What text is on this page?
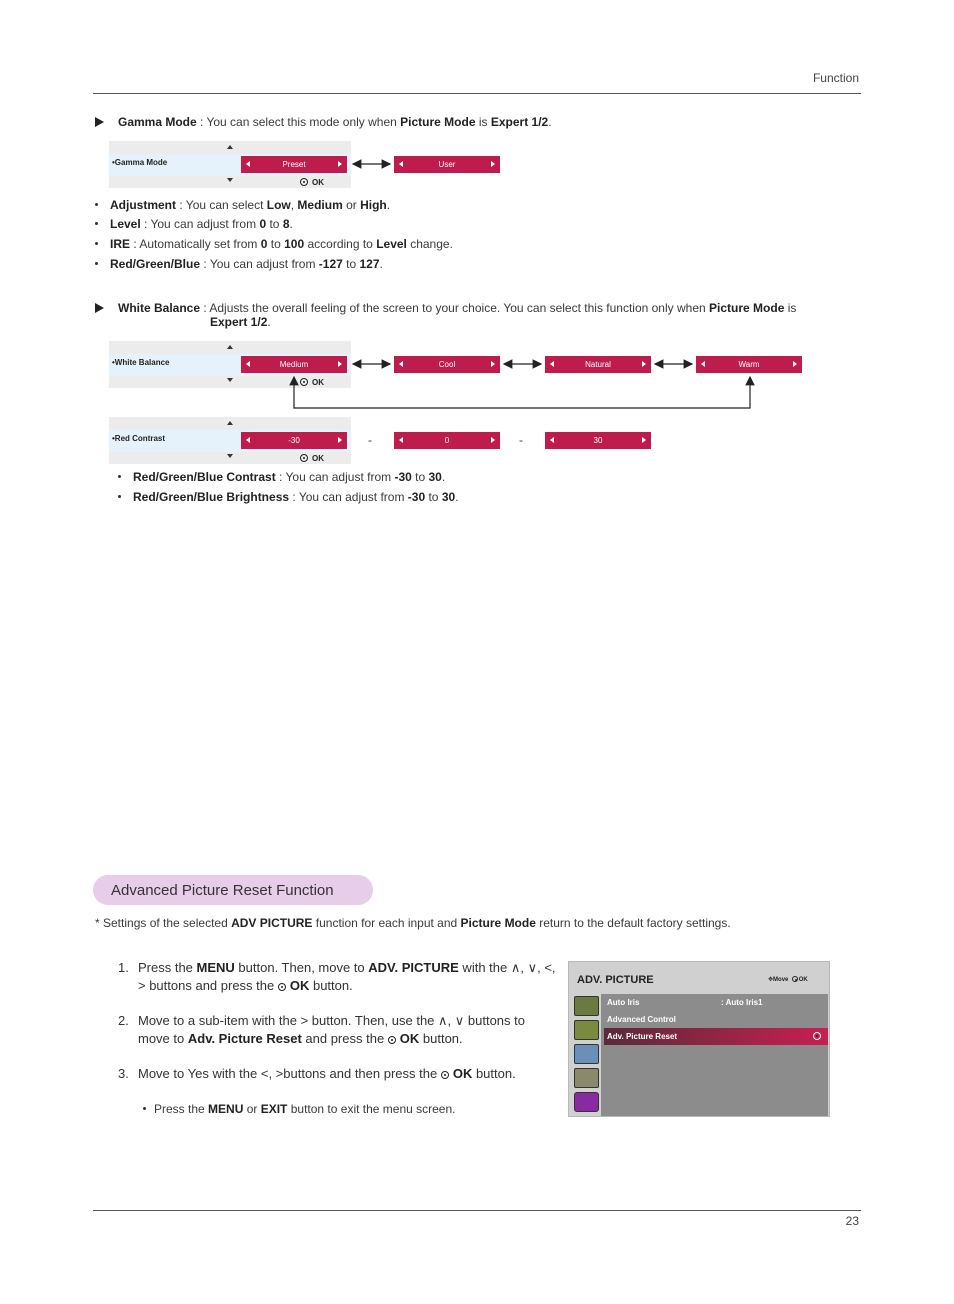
Function
Gamma Mode : You can select this mode only when Picture Mode is Expert 1/2.
•Gamma Mode
OK
Preset	User
Adjustment : You can select Low, Medium or High.
Level : You can adjust from 0 to 8.
IRE : Automatically set from 0 to 100 according to Level change.
Red/Green/Blue : You can adjust from -127 to 127.
White Balance : Adjusts the overall feeling of the screen to your choice. You can select this function only when Picture Mode is
Expert 1/2.
•White Balance
OK
Medium	Cool	Natural	Warm
•Red Contrast
OK
-30	-	0	-	30
Red/Green/Blue Contrast : You can adjust from -30 to 30.
Red/Green/Blue Brightness : You can adjust from -30 to 30.
Advanced Picture Reset Function
* Settings of the selected ADV PICTURE function for each input and Picture Mode return to the default factory settings.
1. Press the MENU button. Then, move to ADV. PICTURE with the ∧, ∨, <, > buttons and press the OK button.
2. Move to a sub-item with the > button. Then, use the ∧, ∨ buttons to move to Adv. Picture Reset and press the OK button.
3. Move to Yes with the <, >buttons and then press the OK button.
Press the MENU or EXIT button to exit the menu screen.
ADV. PICTURE	✥Move OK
Auto Iris	: Auto Iris1
Advanced Control
Adv. Picture Reset
23
